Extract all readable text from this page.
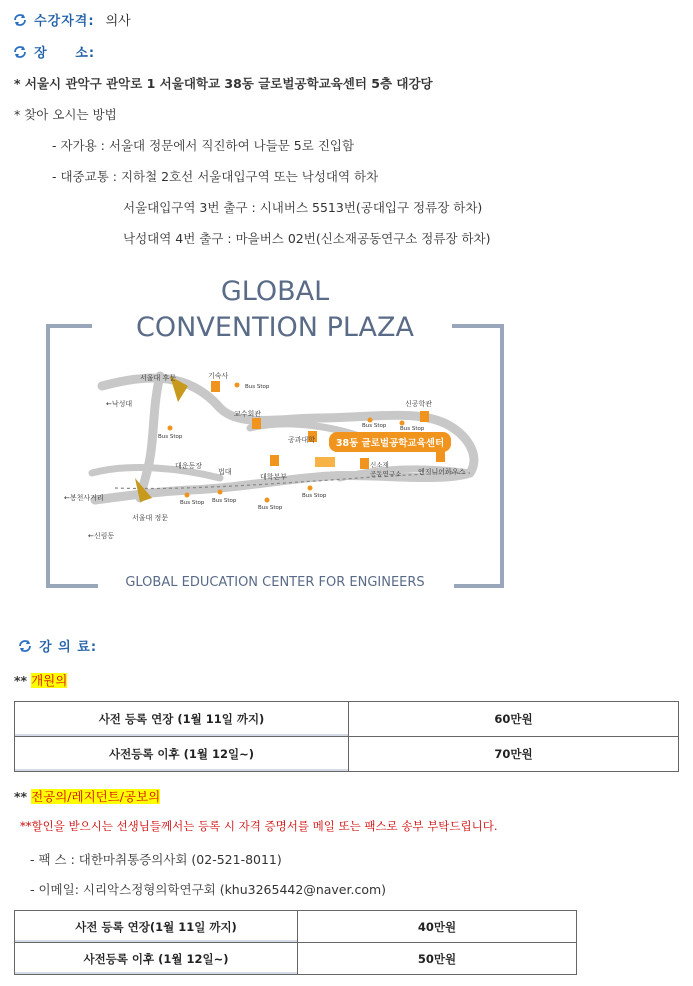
수강자격: 의사
장     소:
* 서울시 관악구 관악로 1 서울대학교 38동 글로벌공학교육센터 5층 대강당
* 찾아 오시는 방법
- 자가용 : 서울대 정문에서 직진하여 나들문 5로 진입함
- 대중교통 : 지하철 2호선 서울대입구역 또는 낙성대역 하차
서울대입구역 3번 출구 : 시내버스 5513번(공대입구 정류장 하차)
낙성대역 4번 출구 : 마을버스 02번(신소재공동연구소 정류장 하차)
GLOBAL
CONVENTION PLAZA
GLOBAL EDUCATION CENTER FOR ENGINEERS
38동 글로벌공학교육센터
서울대 후문	기숙사
Bus Stop
←낙성대
교수회관
신공학관
Bus Stop
Bus Stop Bus Stop
공과대학
대운동장
법대
대학본부
신소재
공동연구소 엔지니어하우스
←봉천사거리
Bus Stop Bus Stop
Bus Stop
Bus Stop
서울대 정문
←신림동
강 의 료:
** 개원의
사전 등록 연장 (1월 11일 까지)	60만원
사전등록 이후 (1월 12일~)	70만원
** 전공의/레지던트/공보의
**할인을 받으시는 선생님들께서는 등록 시 자격 증명서를 메일 또는 팩스로 송부 부탁드립니다.
- 팩 스 : 대한마취통증의사회 (02-521-8011)
- 이메일: 시리악스정형의학연구회 (khu3265442@naver.com)
사전 등록 연장(1월 11일 까지)	40만원
사전등록 이후 (1월 12일~)	50만원
